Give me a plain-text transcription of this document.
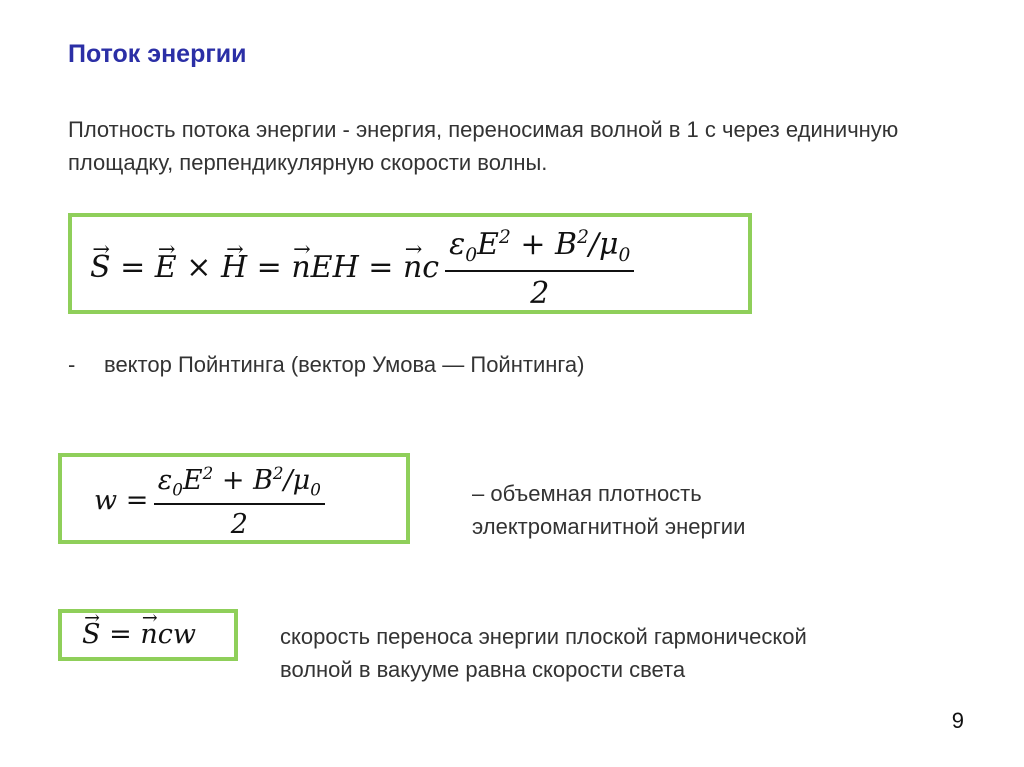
Поток энергии
Плотность потока энергии - энергия, переносимая волной в 1 с через единичную площадку, перпендикулярную скорости волны.
→ S = → E × → H = → nEH = → nc  $\frac{\varepsilon_0E^2 + B^2/\mu_0}{2}$
- вектор Пойнтинга (вектор Умова — Пойнтинга)
$w = \frac{\varepsilon_0E^2 + B^2/\mu_0}{2}$	– объемная плотность
электромагнитной энергии
→ S = → ncw	скорость переноса энергии плоской гармонической
волной в вакууме равна скорости света
9
